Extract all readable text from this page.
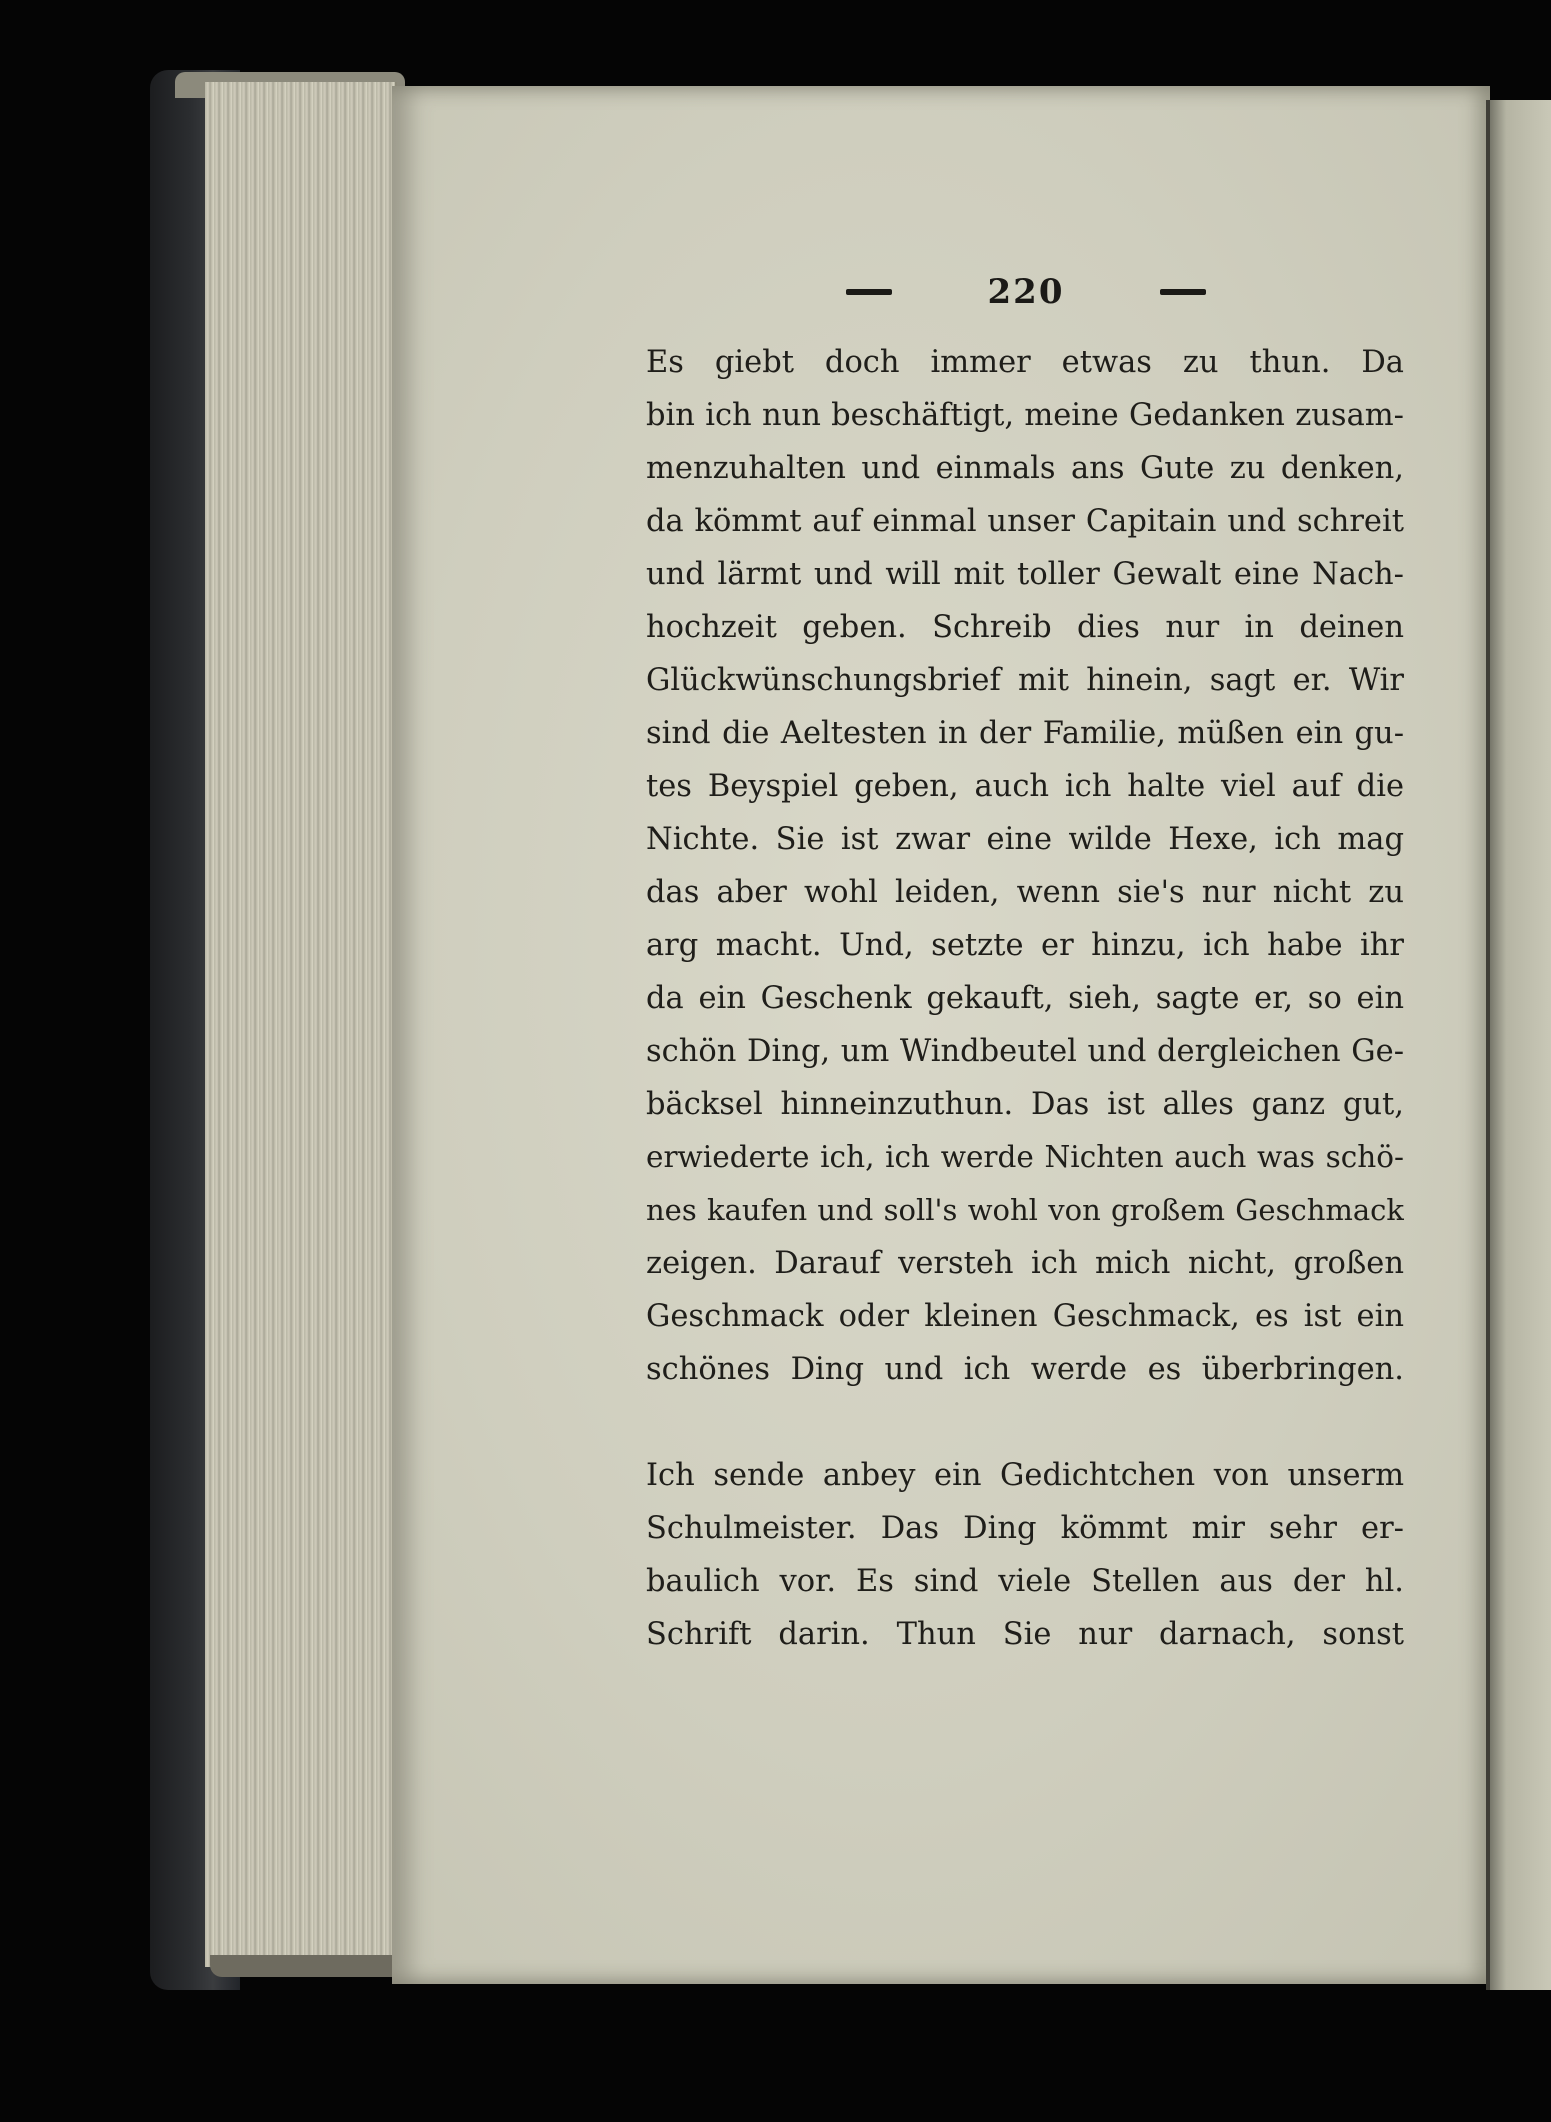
220
Es giebt doch immer etwas zu thun. Da
bin ich nun beschäftigt, meine Gedanken zusam-
menzuhalten und einmals ans Gute zu denken,
da kömmt auf einmal unser Capitain und schreit
und lärmt und will mit toller Gewalt eine Nach-
hochzeit geben. Schreib dies nur in deinen
Glückwünschungsbrief mit hinein, sagt er. Wir
sind die Aeltesten in der Familie, müßen ein gu-
tes Beyspiel geben, auch ich halte viel auf die
Nichte. Sie ist zwar eine wilde Hexe, ich mag
das aber wohl leiden, wenn sie's nur nicht zu
arg macht. Und, setzte er hinzu, ich habe ihr
da ein Geschenk gekauft, sieh, sagte er, so ein
schön Ding, um Windbeutel und dergleichen Ge-
bäcksel hinneinzuthun. Das ist alles ganz gut,
erwiederte ich, ich werde Nichten auch was schö-
nes kaufen und soll's wohl von großem Geschmack
zeigen. Darauf versteh ich mich nicht, großen
Geschmack oder kleinen Geschmack, es ist ein
schönes Ding und ich werde es überbringen.
Ich sende anbey ein Gedichtchen von unserm
Schulmeister. Das Ding kömmt mir sehr er-
baulich vor. Es sind viele Stellen aus der hl.
Schrift darin. Thun Sie nur darnach, sonst
